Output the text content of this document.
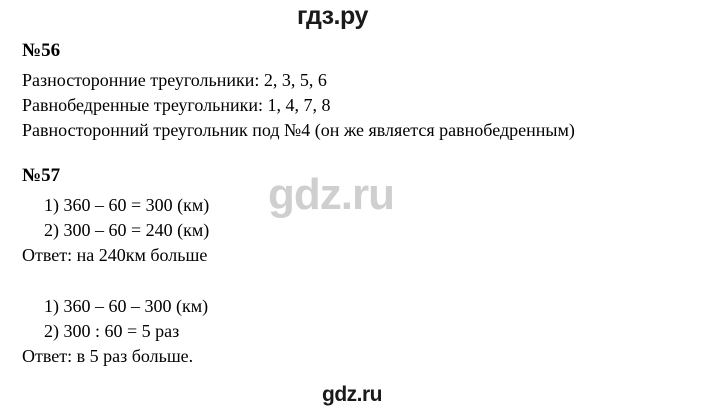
гдз.ру
gdz.ru

№56

Разносторонние треугольники: 2, 3, 5, 6

Равнобедренные треугольники: 1, 4, 7, 8

Равносторонний треугольник под №4 (он же является равнобедренным)

№57

1) 360 – 60 = 300 (км)

2) 300 – 60 = 240 (км)

Ответ: на 240км больше

1) 360 – 60 – 300 (км)

2) 300 : 60 = 5 раз

Ответ: в 5 раз больше.

gdz.ru
